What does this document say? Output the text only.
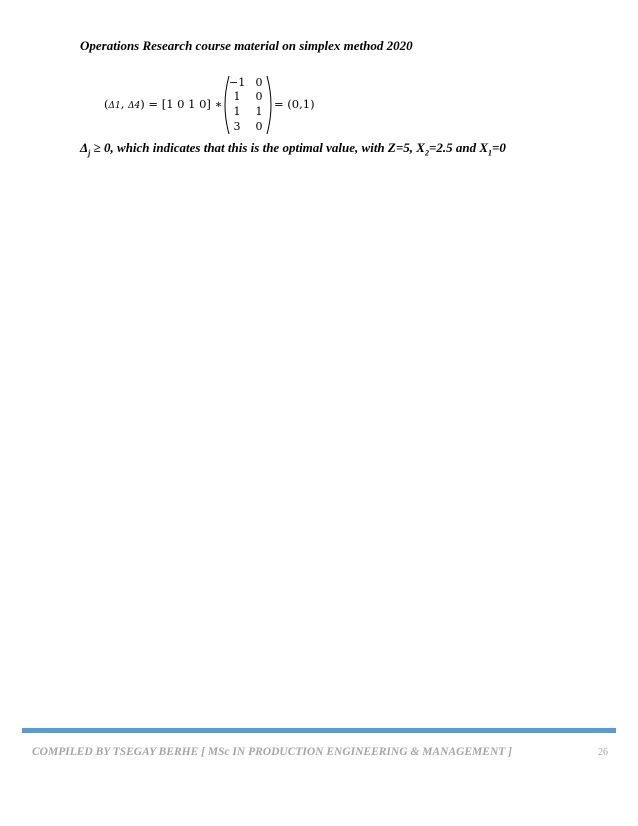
Operations Research course material on simplex method 2020
(𝛥1, 𝛥4) = [1 0 1 0] ∗
−1 0
1	0
1	1
3	0
= (0,1)
$\Delta_j \ge 0$, which indicates that this is the optimal value, with Z=5, $X_2=2.5$ and $X_1=0$
COMPILED BY TSEGAY BERHE [ MSc IN PRODUCTION ENGINEERING & MANAGEMENT ]	26
